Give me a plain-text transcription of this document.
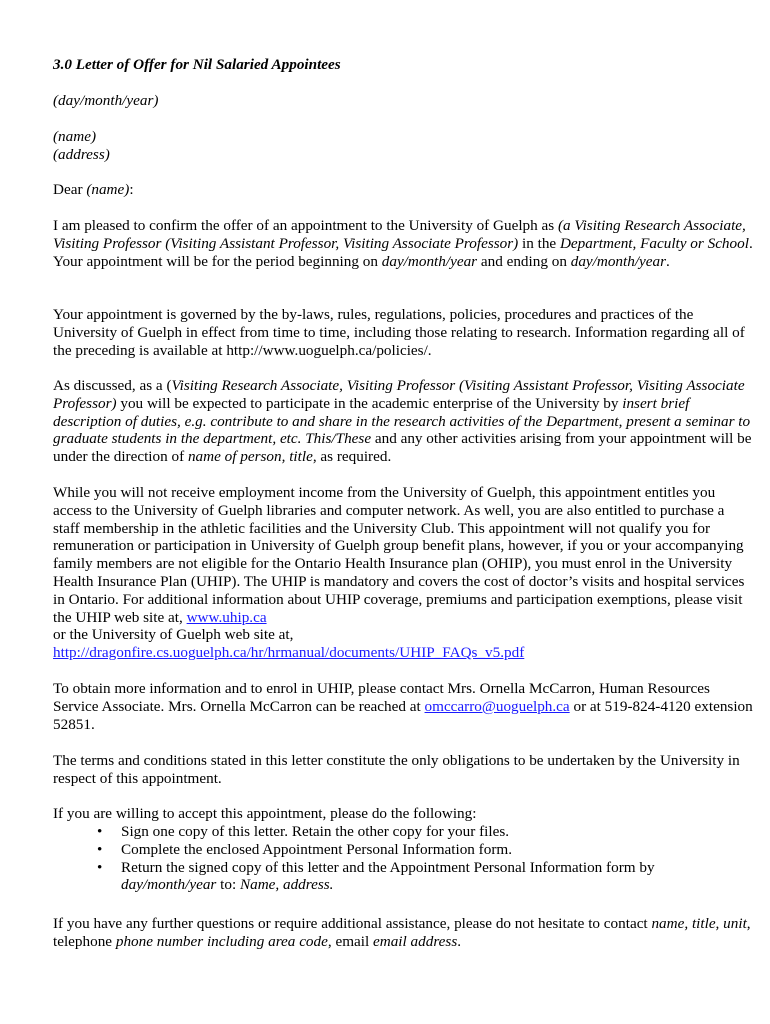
3.0 Letter of Offer for Nil Salaried Appointees

(day/month/year)

(name)

(address)

Dear (name):

I am pleased to confirm the offer of an appointment to the University of Guelph as (a Visiting Research Associate, Visiting Professor (Visiting Assistant Professor, Visiting Associate Professor) in the Department, Faculty or School. Your appointment will be for the period beginning on day/month/year and ending on day/month/year.

Your appointment is governed by the by-laws, rules, regulations, policies, procedures and practices of the University of Guelph in effect from time to time, including those relating to research. Information regarding all of the preceding is available at http://www.uoguelph.ca/policies/.

As discussed, as a (Visiting Research Associate, Visiting Professor (Visiting Assistant Professor, Visiting Associate Professor) you will be expected to participate in the academic enterprise of the University by insert brief description of duties, e.g. contribute to and share in the research activities of the Department, present a seminar to graduate students in the department, etc. This/These and any other activities arising from your appointment will be under the direction of name of person, title, as required.

While you will not receive employment income from the University of Guelph, this appointment entitles you access to the University of Guelph libraries and computer network. As well, you are also entitled to purchase a staff membership in the athletic facilities and the University Club. This appointment will not qualify you for remuneration or participation in University of Guelph group benefit plans, however, if you or your accompanying family members are not eligible for the Ontario Health Insurance plan (OHIP), you must enrol in the University Health Insurance Plan (UHIP). The UHIP is mandatory and covers the cost of doctor’s visits and hospital services in Ontario. For additional information about UHIP coverage, premiums and participation exemptions, please visit the UHIP web site at, www.uhip.ca
or the University of Guelph web site at,
http://dragonfire.cs.uoguelph.ca/hr/hrmanual/documents/UHIP_FAQs_v5.pdf

To obtain more information and to enrol in UHIP, please contact Mrs. Ornella McCarron, Human Resources Service Associate. Mrs. Ornella McCarron can be reached at omccarro@uoguelph.ca or at 519-824-4120 extension 52851.

The terms and conditions stated in this letter constitute the only obligations to be undertaken by the University in respect of this appointment.

If you are willing to accept this appointment, please do the following:

• Sign one copy of this letter. Retain the other copy for your files.
• Complete the enclosed Appointment Personal Information form.
• Return the signed copy of this letter and the Appointment Personal Information form by day/month/year to: Name, address.

If you have any further questions or require additional assistance, please do not hesitate to contact name, title, unit, telephone phone number including area code, email email address.
